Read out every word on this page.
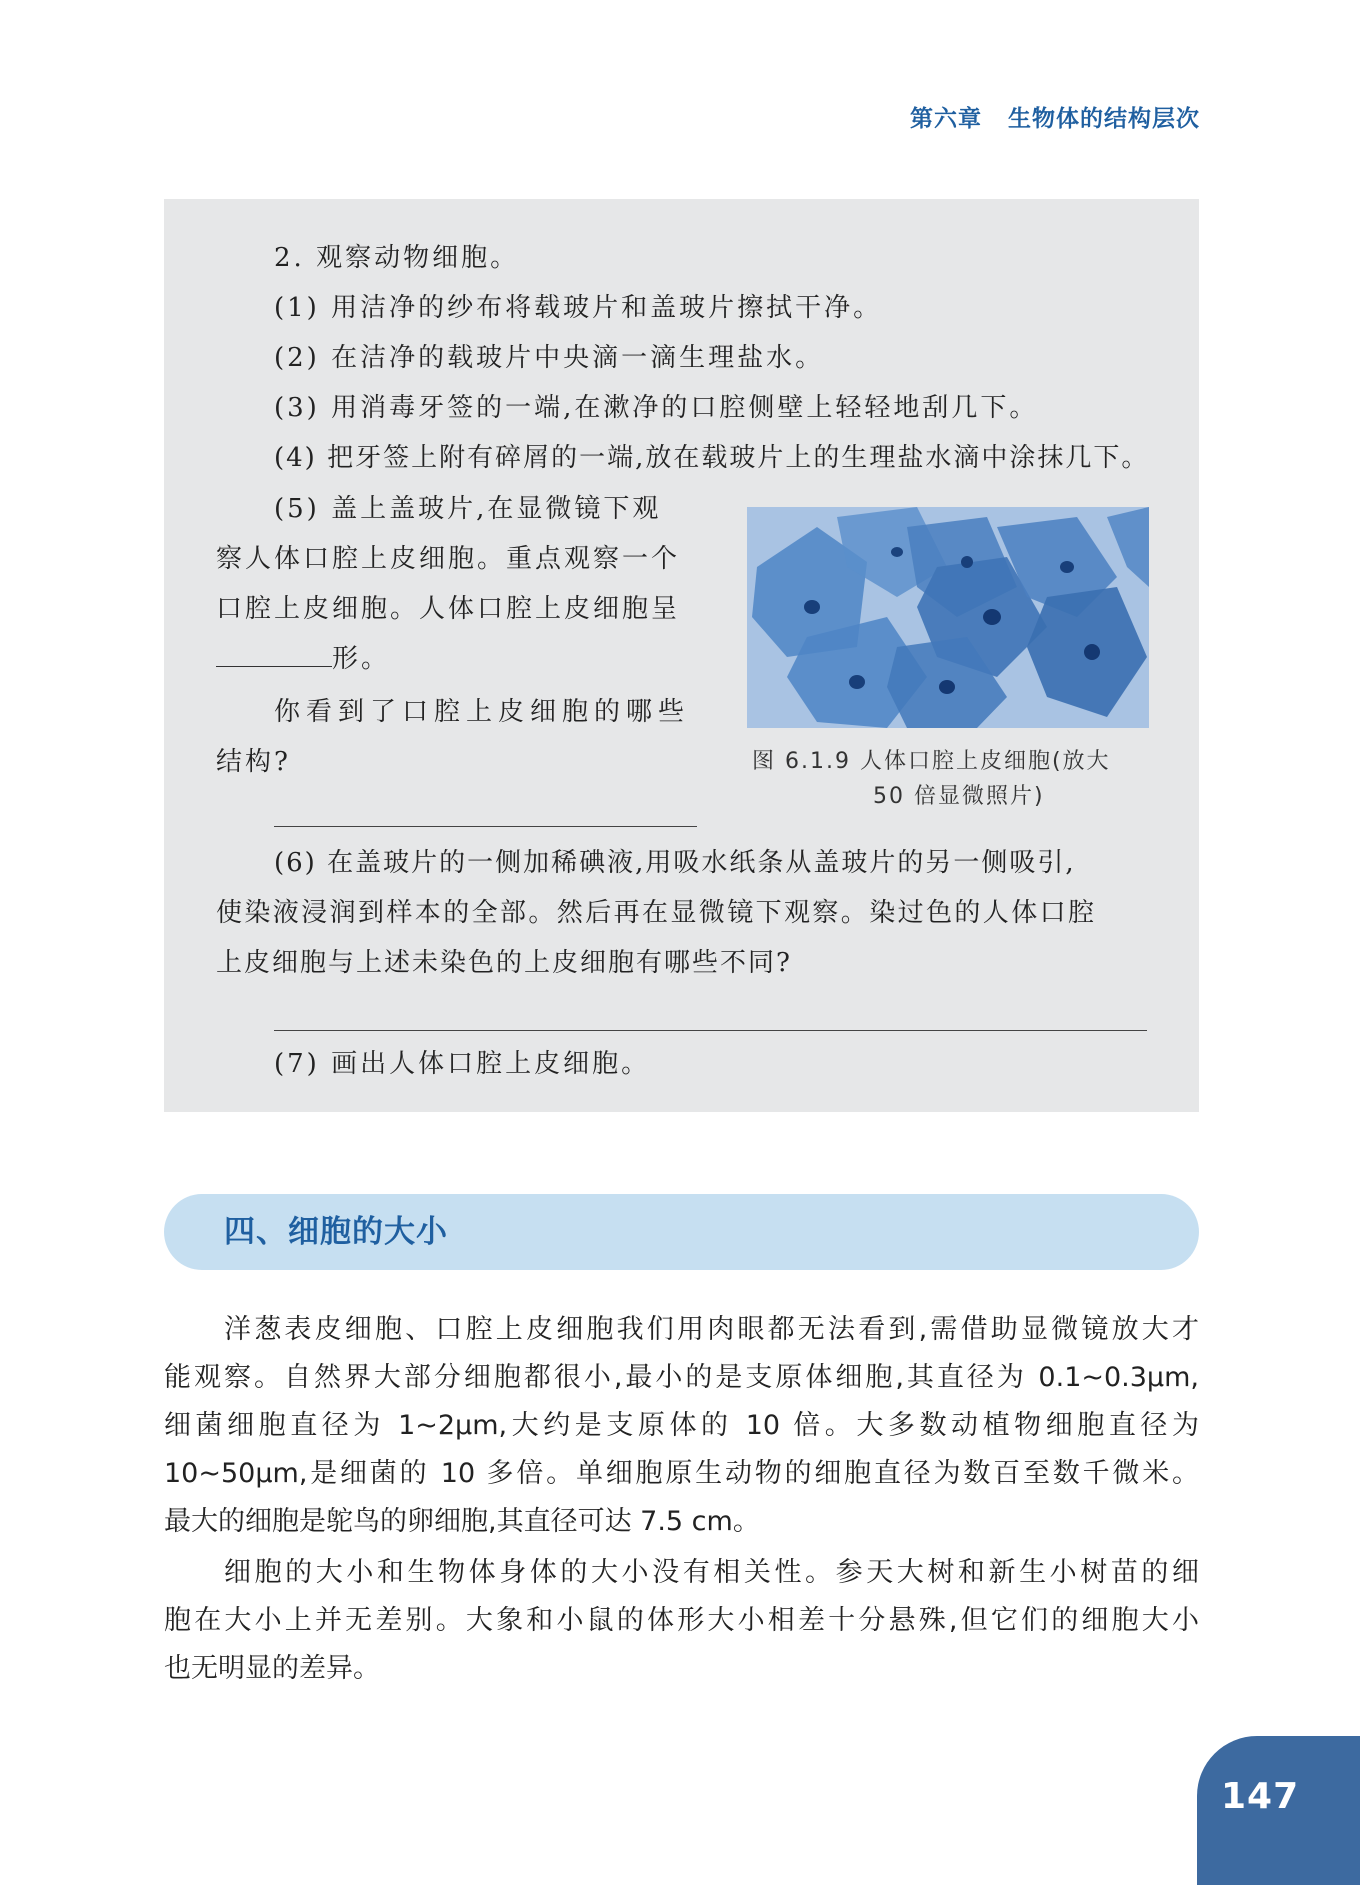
第六章 生物体的结构层次
2. 观察动物细胞。
(1) 用洁净的纱布将载玻片和盖玻片擦拭干净。
(2) 在洁净的载玻片中央滴一滴生理盐水。
(3) 用消毒牙签的一端,在漱净的口腔侧壁上轻轻地刮几下。
(4) 把牙签上附有碎屑的一端,放在载玻片上的生理盐水滴中涂抹几下。
(5) 盖上盖玻片,在显微镜下观
察人体口腔上皮细胞。重点观察一个
口腔上皮细胞。人体口腔上皮细胞呈
形。
你看到了口腔上皮细胞的哪些
结构?	图 6.1.9 人体口腔上皮细胞(放大
50 倍显微照片)
(6) 在盖玻片的一侧加稀碘液,用吸水纸条从盖玻片的另一侧吸引,
使染液浸润到样本的全部。然后再在显微镜下观察。染过色的人体口腔
上皮细胞与上述未染色的上皮细胞有哪些不同?
(7) 画出人体口腔上皮细胞。
四、细胞的大小
洋葱表皮细胞、口腔上皮细胞我们用肉眼都无法看到,需借助显微镜放大才
能观察。自然界大部分细胞都很小,最小的是支原体细胞,其直径为 0.1~0.3μm,
细菌细胞直径为 1~2μm,大约是支原体的 10 倍。大多数动植物细胞直径为
10~50μm,是细菌的 10 多倍。单细胞原生动物的细胞直径为数百至数千微米。
最大的细胞是鸵鸟的卵细胞,其直径可达 7.5 cm。
细胞的大小和生物体身体的大小没有相关性。参天大树和新生小树苗的细
胞在大小上并无差别。大象和小鼠的体形大小相差十分悬殊,但它们的细胞大小
也无明显的差异。
147
